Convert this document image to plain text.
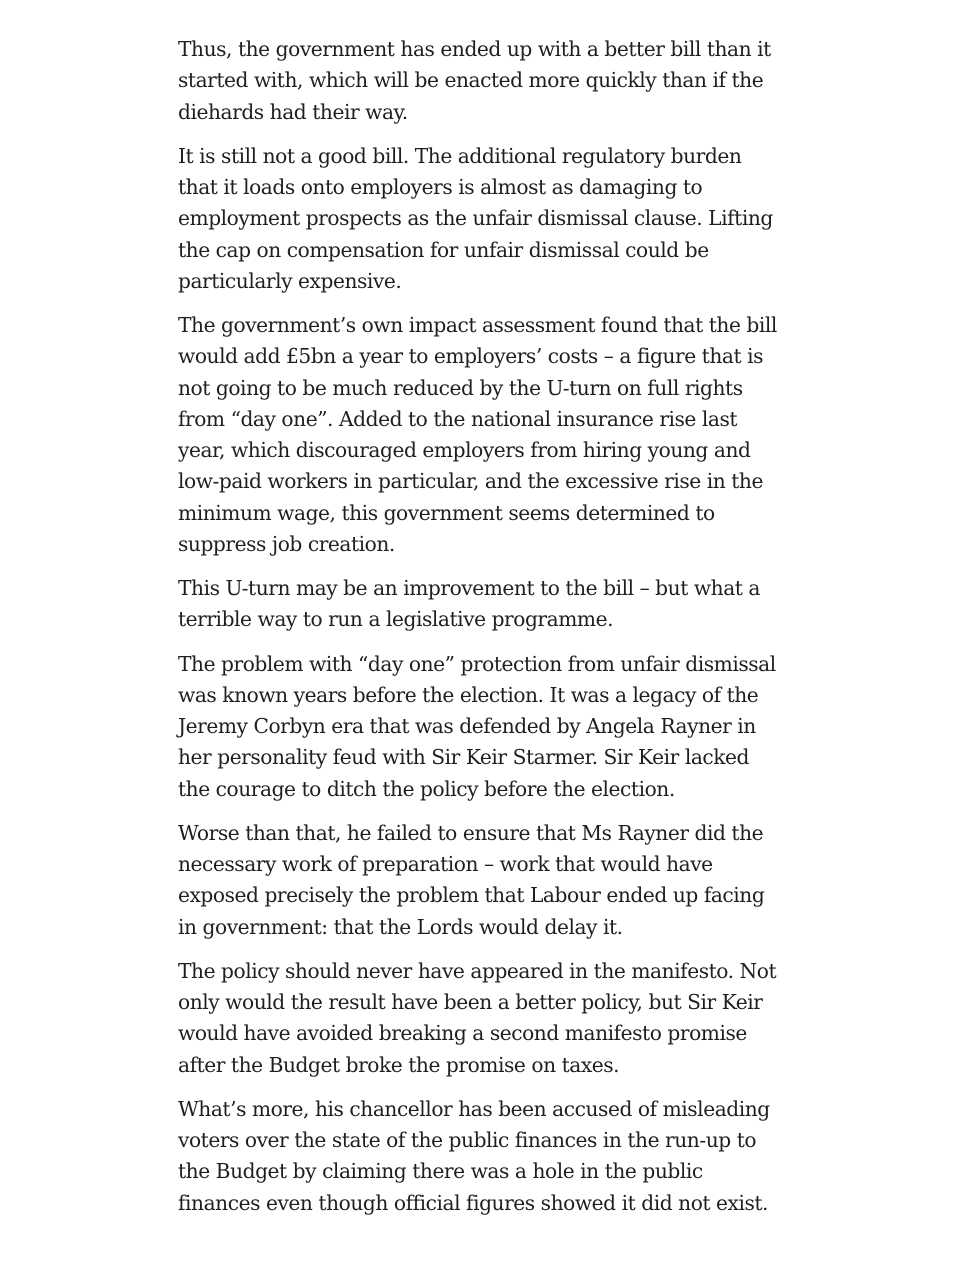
Thus, the government has ended up with a better bill than it started with, which will be enacted more quickly than if the diehards had their way.

It is still not a good bill. The additional regulatory burden that it loads onto employers is almost as damaging to employment prospects as the unfair dismissal clause. Lifting the cap on compensation for unfair dismissal could be particularly expensive.

The government’s own impact assessment found that the bill would add £5bn a year to employers’ costs – a figure that is not going to be much reduced by the U-turn on full rights from “day one”. Added to the national insurance rise last year, which discouraged employers from hiring young and low-paid workers in particular, and the excessive rise in the minimum wage, this government seems determined to suppress job creation.

This U-turn may be an improvement to the bill – but what a terrible way to run a legislative programme.

The problem with “day one” protection from unfair dismissal was known years before the election. It was a legacy of the Jeremy Corbyn era that was defended by Angela Rayner in her personality feud with Sir Keir Starmer. Sir Keir lacked the courage to ditch the policy before the election.

Worse than that, he failed to ensure that Ms Rayner did the necessary work of preparation – work that would have exposed precisely the problem that Labour ended up facing in government: that the Lords would delay it.

The policy should never have appeared in the manifesto. Not only would the result have been a better policy, but Sir Keir would have avoided breaking a second manifesto promise after the Budget broke the promise on taxes.

What’s more, his chancellor has been accused of misleading voters over the state of the public finances in the run-up to the Budget by claiming there was a hole in the public finances even though official figures showed it did not exist.
